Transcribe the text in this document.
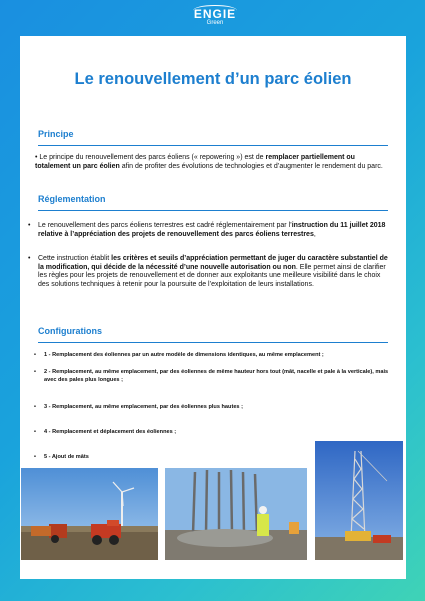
ENGIE
Green
Le renouvellement d’un parc éolien
Principe
• Le principe du renouvellement des parcs éoliens (« repowering ») est de remplacer partiellement ou totalement un parc éolien afin de profiter des évolutions de technologies et d’augmenter le rendement du parc.
Réglementation
• Le renouvellement des parcs éoliens terrestres est cadré réglementairement par l’instruction du 11 juillet 2018 relative à l’appréciation des projets de renouvellement des parcs éoliens terrestres,
• Cette instruction établit les critères et seuils d’appréciation permettant de juger du caractère substantiel de la modification, qui décide de la nécessité d’une nouvelle autorisation ou non. Elle permet ainsi de clarifier les règles pour les projets de renouvellement et de donner aux exploitants une meilleure visibilité dans le choix des solutions techniques à retenir pour la poursuite de l’exploitation de leurs installations.
Configurations
• 1 - Remplacement des éoliennes par un autre modèle de dimensions identiques, au même emplacement ;
• 2 - Remplacement, au même emplacement, par des éoliennes de même hauteur hors tout (mât, nacelle et pale à la verticale), mais avec des pales plus longues ;
• 3 - Remplacement, au même emplacement, par des éoliennes plus hautes ;
• 4 - Remplacement et déplacement des éoliennes ;
• 5 - Ajout de mâts
